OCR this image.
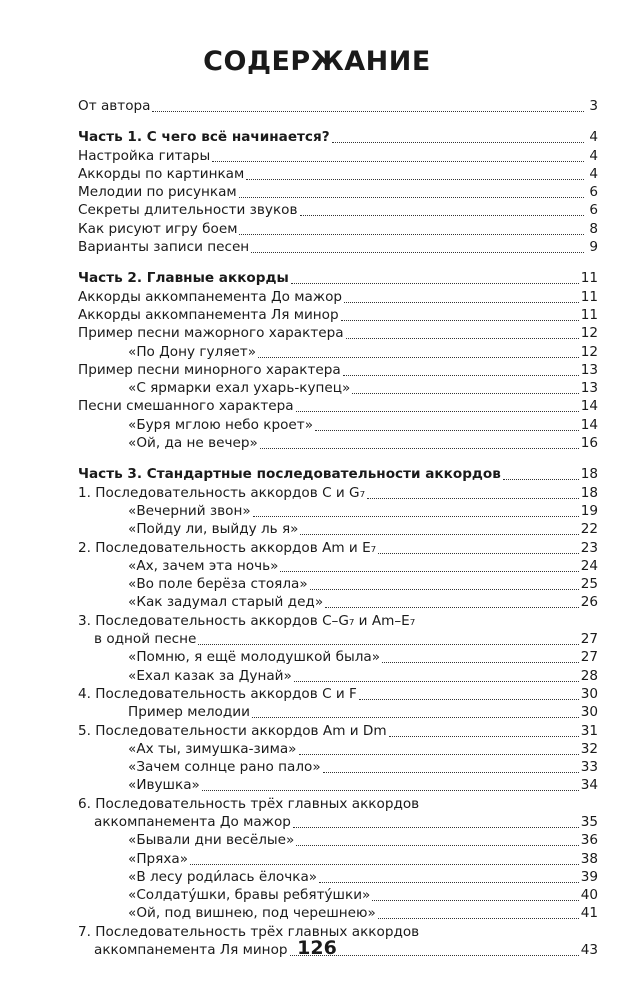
СОДЕРЖАНИЕ
От автора	3
Часть 1. С чего всё начинается?	4
Настройка гитары	4
Аккорды по картинкам	4
Мелодии по рисункам	6
Секреты длительности звуков	6
Как рисуют игру боем	8
Варианты записи песен	9
Часть 2. Главные аккорды	11
Аккорды аккомпанемента До мажор	11
Аккорды аккомпанемента Ля минор	11
Пример песни мажорного характера	12
«По Дону гуляет»	12
Пример песни минорного характера	13
«С ярмарки ехал ухарь-купец»	13
Песни смешанного характера	14
«Буря мглою небо кроет»	14
«Ой, да не вечер»	16
Часть 3. Стандартные последовательности аккордов	18
1. Последовательность аккордов C и G₇	18
«Вечерний звон»	19
«Пойду ли, выйду ль я»	22
2. Последовательность аккордов Am и E₇	23
«Ах, зачем эта ночь»	24
«Во поле берёза стояла»	25
«Как задумал старый дед»	26
3. Последовательность аккордов C–G₇ и Am–E₇
в одной песне	27
«Помню, я ещё молодушкой была»	27
«Ехал казак за Дунай»	28
4. Последовательность аккордов C и F	30
Пример мелодии	30
5. Последовательности аккордов Am и Dm	31
«Ах ты, зимушка-зима»	32
«Зачем солнце рано пало»	33
«Ивушка»	34
6. Последовательность трёх главных аккордов
аккомпанемента До мажор	35
«Бывали дни весёлые»	36
«Пряха»	38
«В лесу роди́лась ёлочка»	39
«Солдату́шки, бравы ребяту́шки»	40
«Ой, под вишнею, под черешнею»	41
7. Последовательность трёх главных аккордов
аккомпанемента Ля минор	43
126
